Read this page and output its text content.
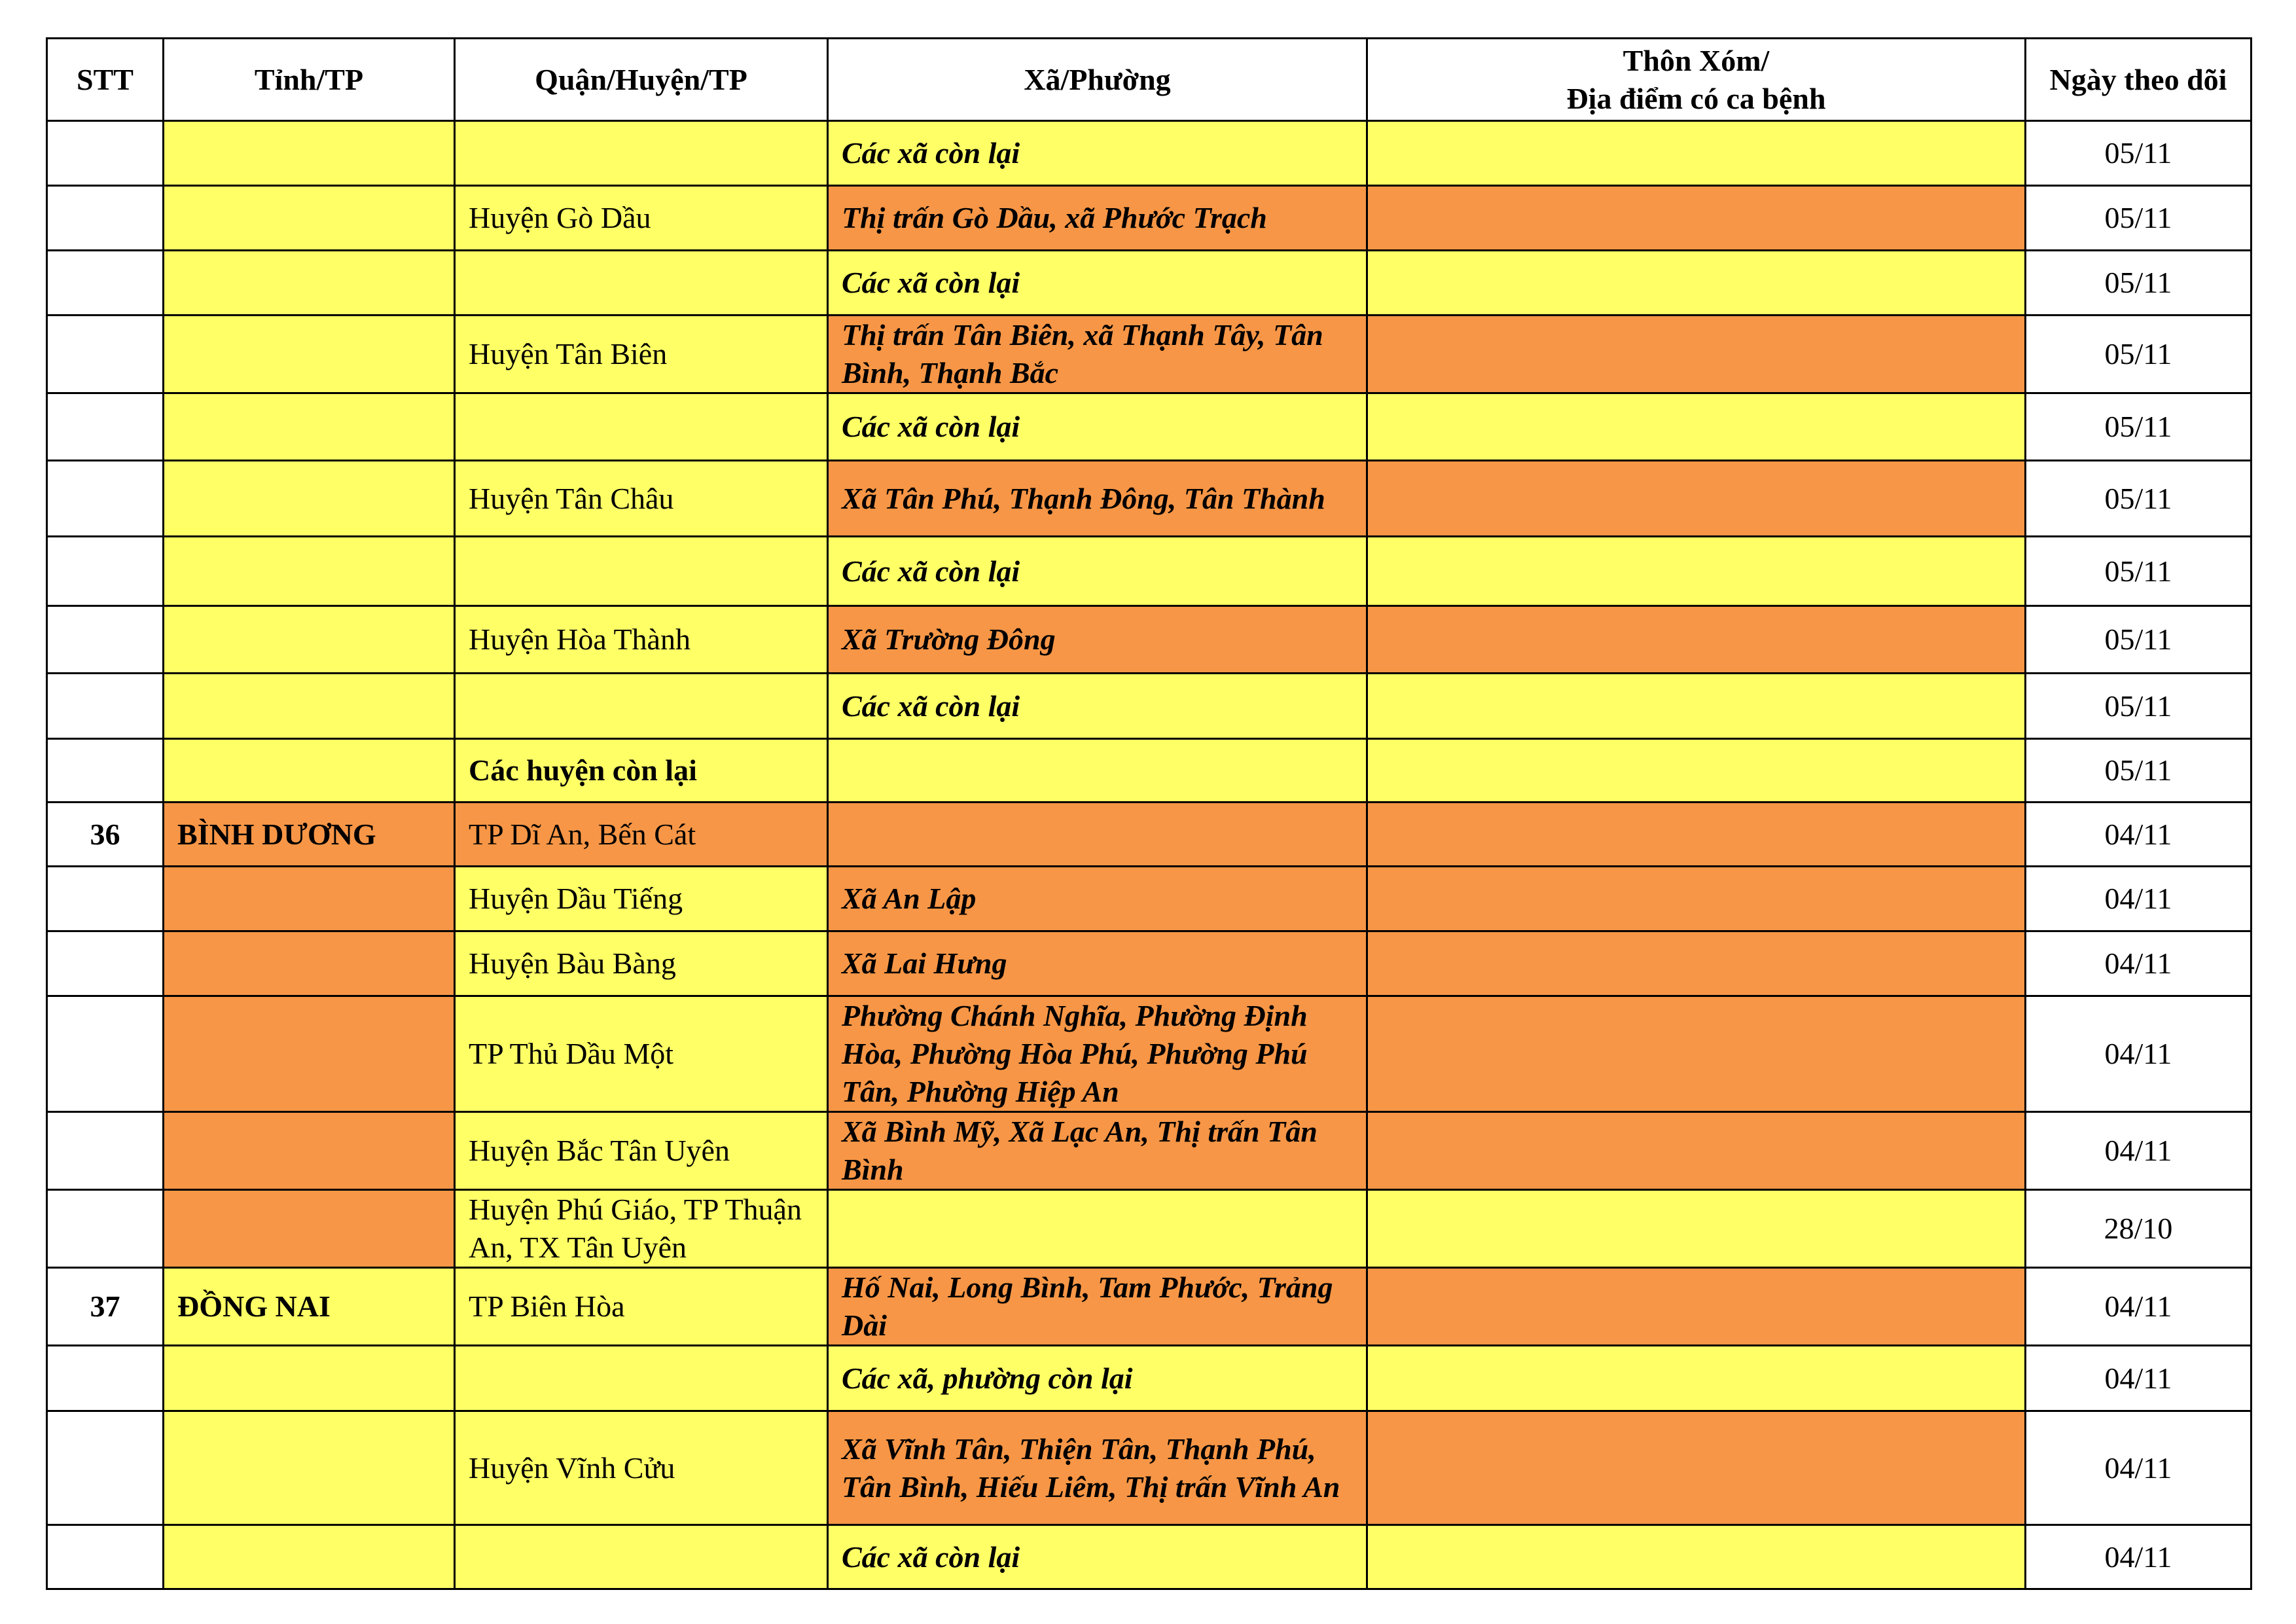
STT	Tỉnh/TP	Quận/Huyện/TP	Xã/Phường	Thôn Xóm/
Địa điểm có ca bệnh	Ngày theo dõi
			Các xã còn lại		05/11
		Huyện Gò Dầu	Thị trấn Gò Dầu, xã Phước Trạch		05/11
			Các xã còn lại		05/11
		Huyện Tân Biên	Thị trấn Tân Biên, xã Thạnh Tây, Tân Bình, Thạnh Bắc		05/11
			Các xã còn lại		05/11
		Huyện Tân Châu	Xã Tân Phú, Thạnh Đông, Tân Thành		05/11
			Các xã còn lại		05/11
		Huyện Hòa Thành	Xã Trường Đông		05/11
			Các xã còn lại		05/11
		Các huyện còn lại			05/11
36	BÌNH DƯƠNG	TP Dĩ An, Bến Cát			04/11
		Huyện Dầu Tiếng	Xã An Lập		04/11
		Huyện Bàu Bàng	Xã Lai Hưng		04/11
		TP Thủ Dầu Một	Phường Chánh Nghĩa, Phường Định Hòa, Phường Hòa Phú, Phường Phú Tân, Phường Hiệp An		04/11
		Huyện Bắc Tân Uyên	Xã Bình Mỹ, Xã Lạc An, Thị trấn Tân Bình		04/11
		Huyện Phú Giáo, TP Thuận An, TX Tân Uyên			28/10
37	ĐỒNG NAI	TP Biên Hòa	Hố Nai, Long Bình, Tam Phước, Trảng Dài		04/11
			Các xã, phường còn lại		04/11
		Huyện Vĩnh Cửu	Xã Vĩnh Tân, Thiện Tân, Thạnh Phú, Tân Bình, Hiếu Liêm, Thị trấn Vĩnh An		04/11
			Các xã còn lại		04/11
